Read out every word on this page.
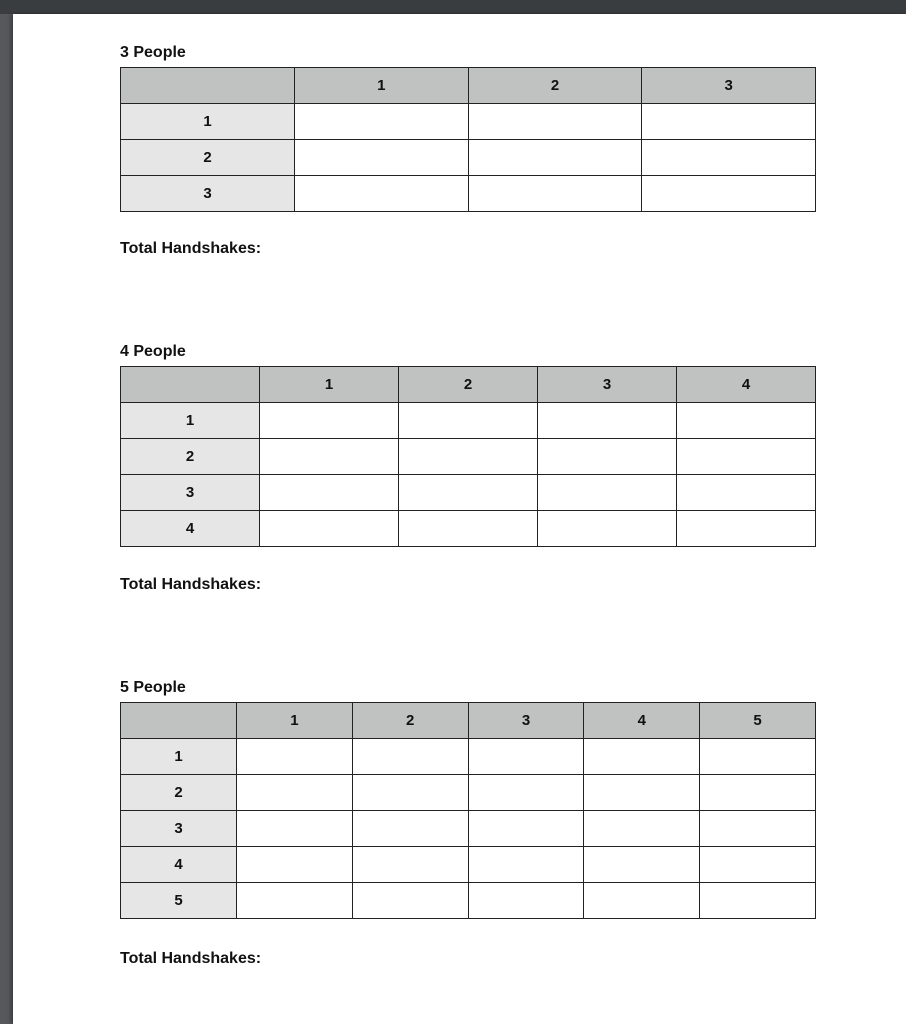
3 People
	1	2	3
1			
2			
3			
Total Handshakes:
4 People
	1	2	3	4
1				
2				
3				
4				
Total Handshakes:
5 People
	1	2	3	4	5
1					
2					
3					
4					
5					
Total Handshakes:
